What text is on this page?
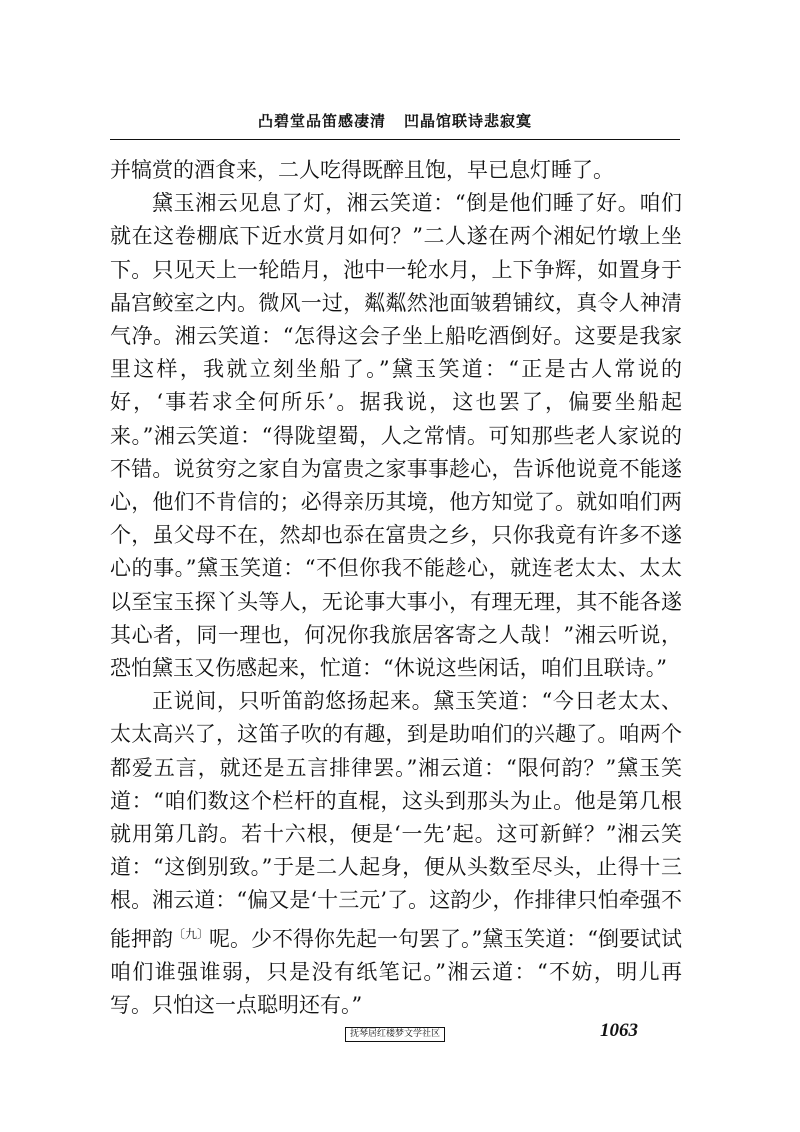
凸碧堂品笛感凄清 凹晶馆联诗悲寂寞

并犒赏的酒食来，二人吃得既醉且饱，早已息灯睡了。

黛玉湘云见息了灯，湘云笑道：“倒是他们睡了好。咱们就在这卷棚底下近水赏月如何？”二人遂在两个湘妃竹墩上坐下。只见天上一轮皓月，池中一轮水月，上下争辉，如置身于晶宫鲛室之内。微风一过，粼粼然池面皱碧铺纹，真令人神清气净。湘云笑道：“怎得这会子坐上船吃酒倒好。这要是我家里这样，我就立刻坐船了。”黛玉笑道：“正是古人常说的好，‘事若求全何所乐’。据我说，这也罢了，偏要坐船起来。”湘云笑道：“得陇望蜀，人之常情。可知那些老人家说的不错。说贫穷之家自为富贵之家事事趁心，告诉他说竟不能遂心，他们不肯信的；必得亲历其境，他方知觉了。就如咱们两个，虽父母不在，然却也忝在富贵之乡，只你我竟有许多不遂心的事。”黛玉笑道：“不但你我不能趁心，就连老太太、太太以至宝玉探丫头等人，无论事大事小，有理无理，其不能各遂其心者，同一理也，何况你我旅居客寄之人哉！”湘云听说，恐怕黛玉又伤感起来，忙道：“休说这些闲话，咱们且联诗。”

正说间，只听笛韵悠扬起来。黛玉笑道：“今日老太太、太太高兴了，这笛子吹的有趣，到是助咱们的兴趣了。咱两个都爱五言，就还是五言排律罢。”湘云道：“限何韵？”黛玉笑道：“咱们数这个栏杆的直棍，这头到那头为止。他是第几根就用第几韵。若十六根，便是‘一先’起。这可新鲜？”湘云笑道：“这倒别致。”于是二人起身，便从头数至尽头，止得十三根。湘云道：“偏又是‘十三元’了。这韵少，作排律只怕牵强不能押韵$^{〔九〕}$呢。少不得你先起一句罢了。”黛玉笑道：“倒要试试咱们谁强谁弱，只是没有纸笔记。”湘云道：“不妨，明儿再写。只怕这一点聪明还有。”

抚琴居红楼梦文学社区	1063
